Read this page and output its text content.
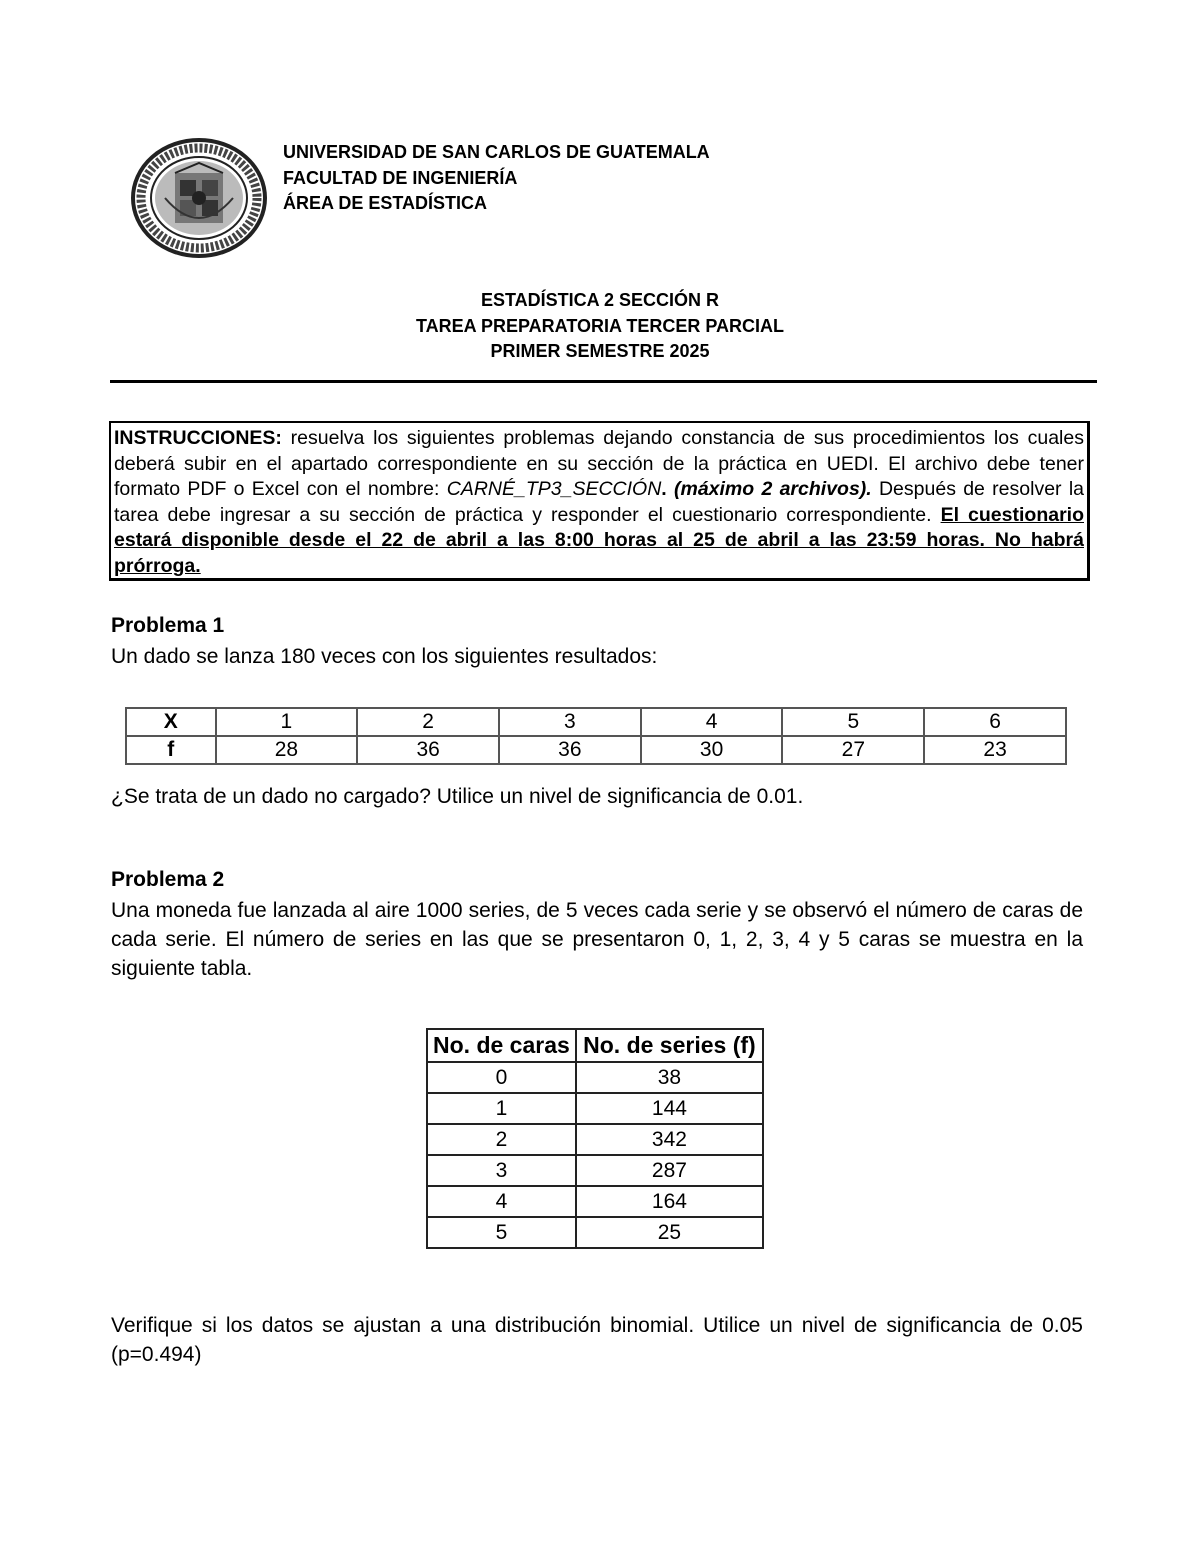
UNIVERSIDAD DE SAN CARLOS DE GUATEMALA
FACULTAD DE INGENIERÍA
ÁREA DE ESTADÍSTICA
ESTADÍSTICA 2 SECCIÓN R
TAREA PREPARATORIA TERCER PARCIAL
PRIMER SEMESTRE 2025
INSTRUCCIONES: resuelva los siguientes problemas dejando constancia de sus procedimientos los cuales deberá subir en el apartado correspondiente en su sección de la práctica en UEDI. El archivo debe tener formato PDF o Excel con el nombre: CARNÉ_TP3_SECCIÓN. (máximo 2 archivos). Después de resolver la tarea debe ingresar a su sección de práctica y responder el cuestionario correspondiente. El cuestionario estará disponible desde el 22 de abril a las 8:00 horas al 25 de abril a las 23:59 horas. No habrá prórroga.
Problema 1
Un dado se lanza 180 veces con los siguientes resultados:
X	1	2	3	4	5	6
f	28	36	36	30	27	23
¿Se trata de un dado no cargado? Utilice un nivel de significancia de 0.01.
Problema 2
Una moneda fue lanzada al aire 1000 series, de 5 veces cada serie y se observó el número de caras de cada serie. El número de series en las que se presentaron 0, 1, 2, 3, 4 y 5 caras se muestra en la siguiente tabla.
No. de caras	No. de series (f)
0	38
1	144
2	342
3	287
4	164
5	25
Verifique si los datos se ajustan a una distribución binomial. Utilice un nivel de significancia de 0.05 (p=0.494)
